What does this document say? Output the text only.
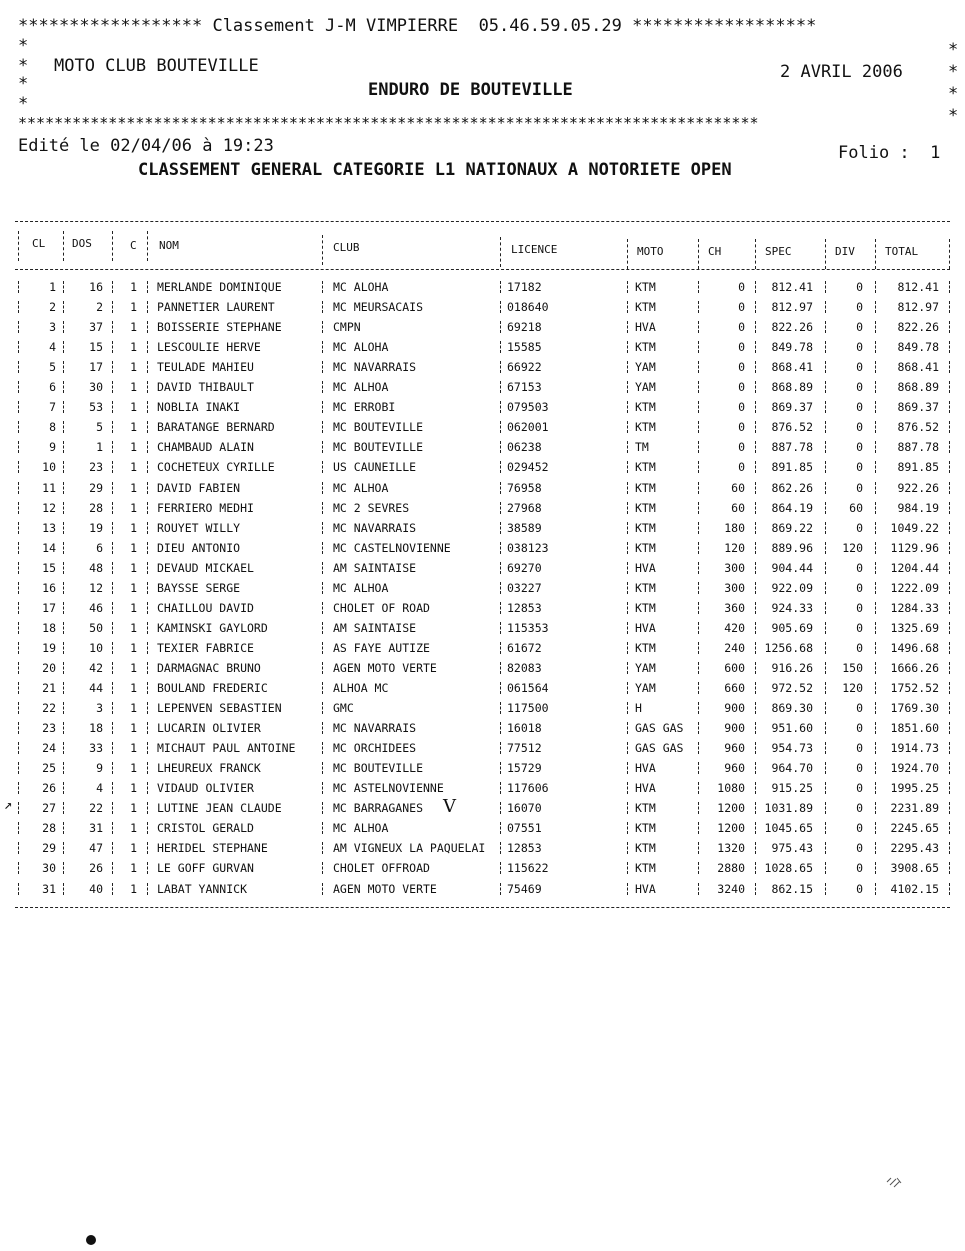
****************** Classement J-M VIMPIERRE  05.46.59.05.29 ******************
*	*
* MOTO CLUB BOUTEVILLE	2 AVRIL 2006	*
*	ENDURO DE BOUTEVILLE	*
*
*
**********************************************************************************
Edité le 02/04/06 à 19:23	Folio :  1
CLASSEMENT GENERAL CATEGORIE L1 NATIONAUX A NOTORIETE OPEN
CL DOS	C NOM	CLUB	LICENCE	MOTO	CH	SPEC	DIV	TOTAL
1	16	1 MERLANDE DOMINIQUE	MC ALOHA	17182	KTM	0	812.41	0	812.41
2	2	1 PANNETIER LAURENT	MC MEURSACAIS	018640	KTM	0	812.97	0	812.97
3	37	1 BOISSERIE STEPHANE	CMPN	69218	HVA	0	822.26	0	822.26
4	15	1 LESCOULIE HERVE	MC ALOHA	15585	KTM	0	849.78	0	849.78
5	17	1 TEULADE MAHIEU	MC NAVARRAIS	66922	YAM	0	868.41	0	868.41
6	30	1 DAVID THIBAULT	MC ALHOA	67153	YAM	0	868.89	0	868.89
7	53	1 NOBLIA INAKI	MC ERROBI	079503	KTM	0	869.37	0	869.37
8	5	1 BARATANGE BERNARD	MC BOUTEVILLE	062001	KTM	0	876.52	0	876.52
9	1	1 CHAMBAUD ALAIN	MC BOUTEVILLE	06238	TM	0	887.78	0	887.78
10	23	1 COCHETEUX CYRILLE	US CAUNEILLE	029452	KTM	0	891.85	0	891.85
11	29	1 DAVID FABIEN	MC ALHOA	76958	KTM	60	862.26	0	922.26
12	28	1 FERRIERO MEDHI	MC 2 SEVRES	27968	KTM	60	864.19	60	984.19
13	19	1 ROUYET WILLY	MC NAVARRAIS	38589	KTM	180	869.22	0	1049.22
14	6	1 DIEU ANTONIO	MC CASTELNOVIENNE	038123	KTM	120	889.96	120	1129.96
15	48	1 DEVAUD MICKAEL	AM SAINTAISE	69270	HVA	300	904.44	0	1204.44
16	12	1 BAYSSE SERGE	MC ALHOA	03227	KTM	300	922.09	0	1222.09
17	46	1 CHAILLOU DAVID	CHOLET OF ROAD	12853	KTM	360	924.33	0	1284.33
18	50	1 KAMINSKI GAYLORD	AM SAINTAISE	115353	HVA	420	905.69	0	1325.69
19	10	1 TEXIER FABRICE	AS FAYE AUTIZE	61672	KTM	240	1256.68	0	1496.68
20	42	1 DARMAGNAC BRUNO	AGEN MOTO VERTE	82083	YAM	600	916.26	150	1666.26
21	44	1 BOULAND FREDERIC	ALHOA MC	061564	YAM	660	972.52	120	1752.52
22	3	1 LEPENVEN SEBASTIEN	GMC	117500	H	900	869.30	0	1769.30
23	18	1 LUCARIN OLIVIER	MC NAVARRAIS	16018	GAS GAS	900	951.60	0	1851.60
24	33	1 MICHAUT PAUL ANTOINE	MC ORCHIDEES	77512	GAS GAS	960	954.73	0	1914.73
25	9	1 LHEUREUX FRANCK	MC BOUTEVILLE	15729	HVA	960	964.70	0	1924.70
26	4	1 VIDAUD OLIVIER	MC ASTELNOVIENNE	117606	HVA	1080	915.25	0	1995.25
27	22	1 LUTINE JEAN CLAUDE	MC BARRAGANES	16070	KTM	1200	1031.89	0	2231.89
28	31	1 CRISTOL GERALD	MC ALHOA	07551	KTM	1200	1045.65	0	2245.65
29	47	1 HERIDEL STEPHANE	AM VIGNEUX LA PAQUELAI	12853	KTM	1320	975.43	0	2295.43
30	26	1 LE GOFF GURVAN	CHOLET OFFROAD	115622	KTM	2880	1028.65	0	3908.65
31	40	1 LABAT YANNICK	AGEN MOTO VERTE	75469	HVA	3240	862.15	0	4102.15
V
↗
